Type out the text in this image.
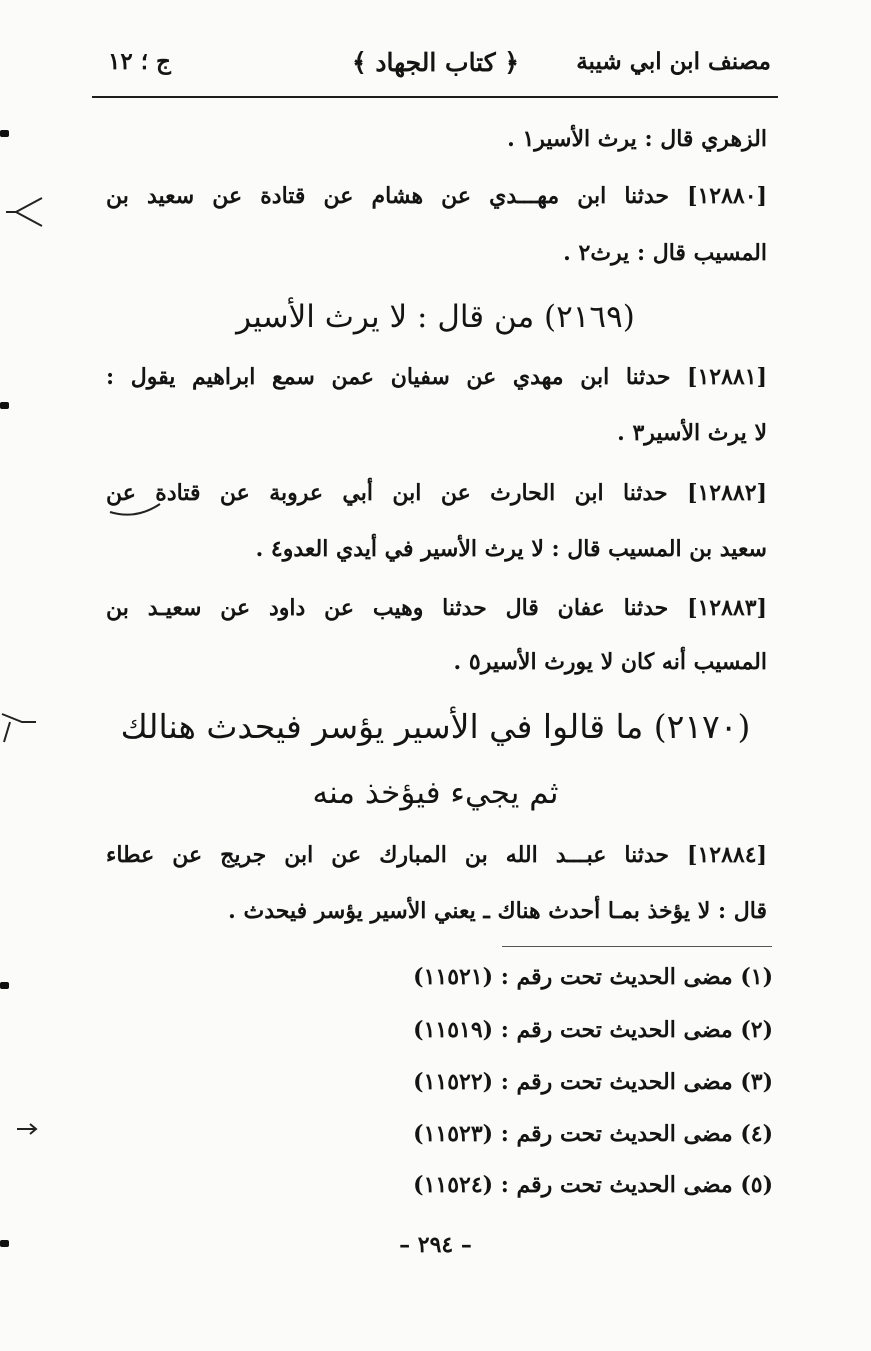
مصنف ابن ابي شيبة
﴿ كتاب الجهاد ﴾
ج ؛ ١٢
الزهري قال : يرث الأسير١ .
[١٢٨٨٠] حدثنا ابن مهـــدي عن هشام عن قتادة عن سعيد بن
المسيب قال : يرث٢ .
(٢١٦٩) من قال : لا يرث الأسير
[١٢٨٨١] حدثنا ابن مهدي عن سفيان عمن سمع ابراهيم يقول :
لا يرث الأسير٣ .
[١٢٨٨٢] حدثنا ابن الحارث عن ابن أبي عروبة عن قتادة عن
سعيد بن المسيب قال : لا يرث الأسير في أيدي العدو٤ .
[١٢٨٨٣] حدثنا عفان قال حدثنا وهيب عن داود عن سعيـد بن
المسيب أنه كان لا يورث الأسير٥ .
(٢١٧٠) ما قالوا في الأسير يؤسر فيحدث هنالك
ثم يجيء فيؤخذ منه
[١٢٨٨٤] حدثنا عبـــد الله بن المبارك عن ابن جريج عن عطاء
قال : لا يؤخذ بمـا أحدث هناك ـ يعني الأسير يؤسر فيحدث .
(١) مضى الحديث تحت رقم : (١١٥٢١)
(٢) مضى الحديث تحت رقم : (١١٥١٩)
(٣) مضى الحديث تحت رقم : (١١٥٢٢)
(٤) مضى الحديث تحت رقم : (١١٥٢٣)
(٥) مضى الحديث تحت رقم : (١١٥٢٤)
– ٢٩٤ –
